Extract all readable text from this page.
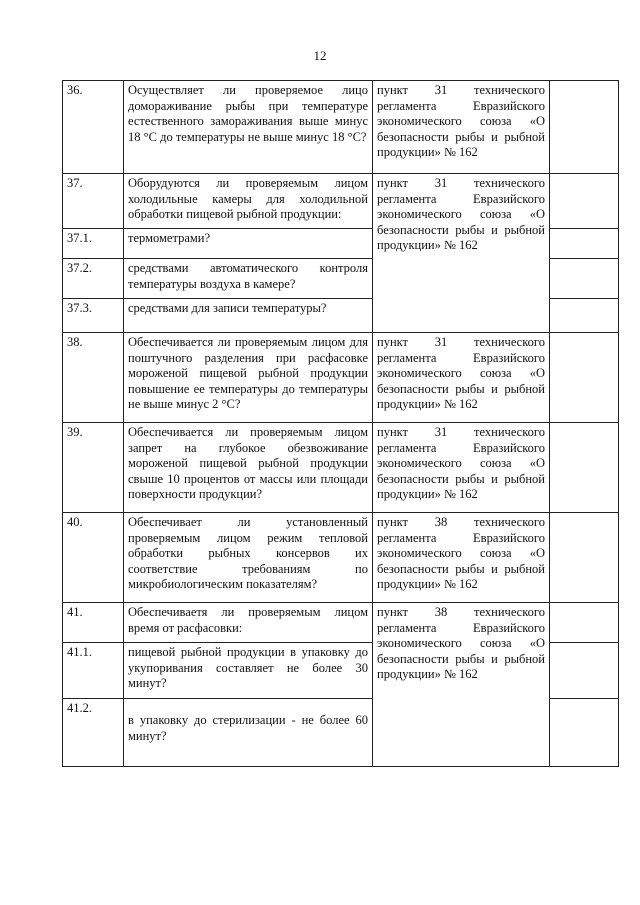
12
36.	Осуществляет ли проверяемое лицо домораживание рыбы при температуре естественного замораживания выше минус 18 °С до температуры не выше минус 18 °С?	пункт 31 технического регламента Евразийского экономического союза «О безопасности рыбы и рыбной продукции» № 162	
37.	Оборудуются ли проверяемым лицом холодильные камеры для холодильной обработки пищевой рыбной продукции:	пункт 31 технического регламента Евразийского экономического союза «О безопасности рыбы и рыбной продукции» № 162	
37.1.	термометрами?		
37.2.	средствами автоматического контроля температуры воздуха в камере?		
37.3.	средствами для записи температуры?		
38.	Обеспечивается ли проверяемым лицом для поштучного разделения при расфасовке мороженой пищевой рыбной продукции повышение ее температуры до температуры не выше минус 2 °С?	пункт 31 технического регламента Евразийского экономического союза «О безопасности рыбы и рыбной продукции» № 162	
39.	Обеспечивается ли проверяемым лицом запрет на глубокое обезвоживание мороженой пищевой рыбной продукции свыше 10 процентов от массы или площади поверхности продукции?	пункт 31 технического регламента Евразийского экономического союза «О безопасности рыбы и рыбной продукции» № 162	
40.	Обеспечивает ли установленный проверяемым лицом режим тепловой обработки рыбных консервов их соответствие требованиям по микробиологическим показателям?	пункт 38 технического регламента Евразийского экономического союза «О безопасности рыбы и рыбной продукции» № 162	
41.	Обеспечиваетя ли проверяемым лицом время от расфасовки:	пункт 38 технического регламента Евразийского экономического союза «О безопасности рыбы и рыбной продукции» № 162	
41.1.	пищевой рыбной продукции в упаковку до укупоривания составляет не более 30 минут?		
41.2.	в упаковку до стерилизации - не более 60 минут?		
